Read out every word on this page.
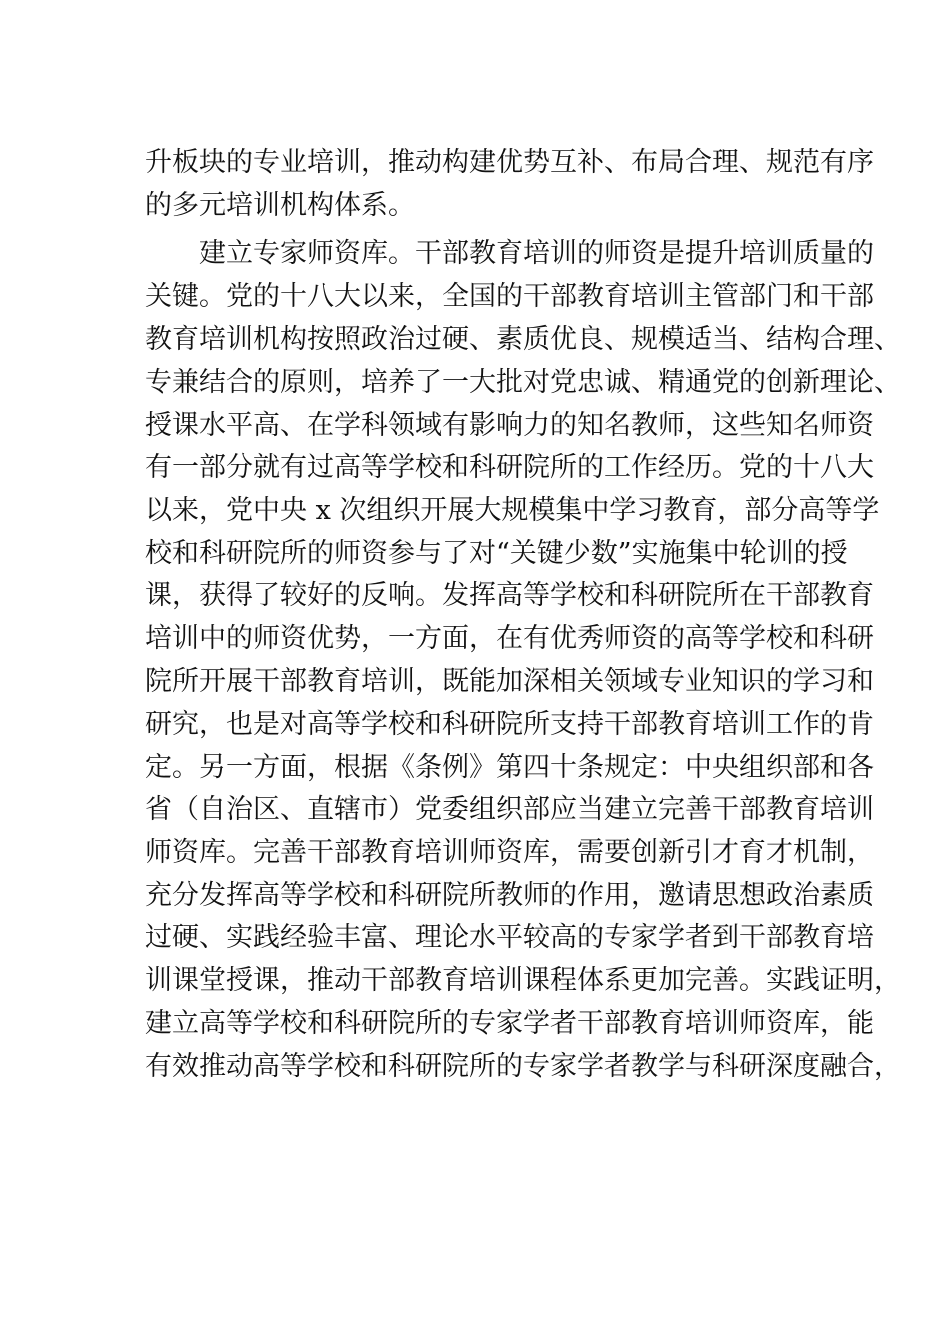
升板块的专业培训，推动构建优势互补、布局合理、规范有序
的多元培训机构体系。
　　建立专家师资库。干部教育培训的师资是提升培训质量的
关键。党的十八大以来，全国的干部教育培训主管部门和干部
教育培训机构按照政治过硬、素质优良、规模适当、结构合理、
专兼结合的原则，培养了一大批对党忠诚、精通党的创新理论、
授课水平高、在学科领域有影响力的知名教师，这些知名师资
有一部分就有过高等学校和科研院所的工作经历。党的十八大
以来，党中央 x 次组织开展大规模集中学习教育，部分高等学
校和科研院所的师资参与了对“关键少数”实施集中轮训的授
课，获得了较好的反响。发挥高等学校和科研院所在干部教育
培训中的师资优势，一方面，在有优秀师资的高等学校和科研
院所开展干部教育培训，既能加深相关领域专业知识的学习和
研究，也是对高等学校和科研院所支持干部教育培训工作的肯
定。另一方面，根据《条例》第四十条规定：中央组织部和各
省（自治区、直辖市）党委组织部应当建立完善干部教育培训
师资库。完善干部教育培训师资库，需要创新引才育才机制，
充分发挥高等学校和科研院所教师的作用，邀请思想政治素质
过硬、实践经验丰富、理论水平较高的专家学者到干部教育培
训课堂授课，推动干部教育培训课程体系更加完善。实践证明，
建立高等学校和科研院所的专家学者干部教育培训师资库，能
有效推动高等学校和科研院所的专家学者教学与科研深度融合，
